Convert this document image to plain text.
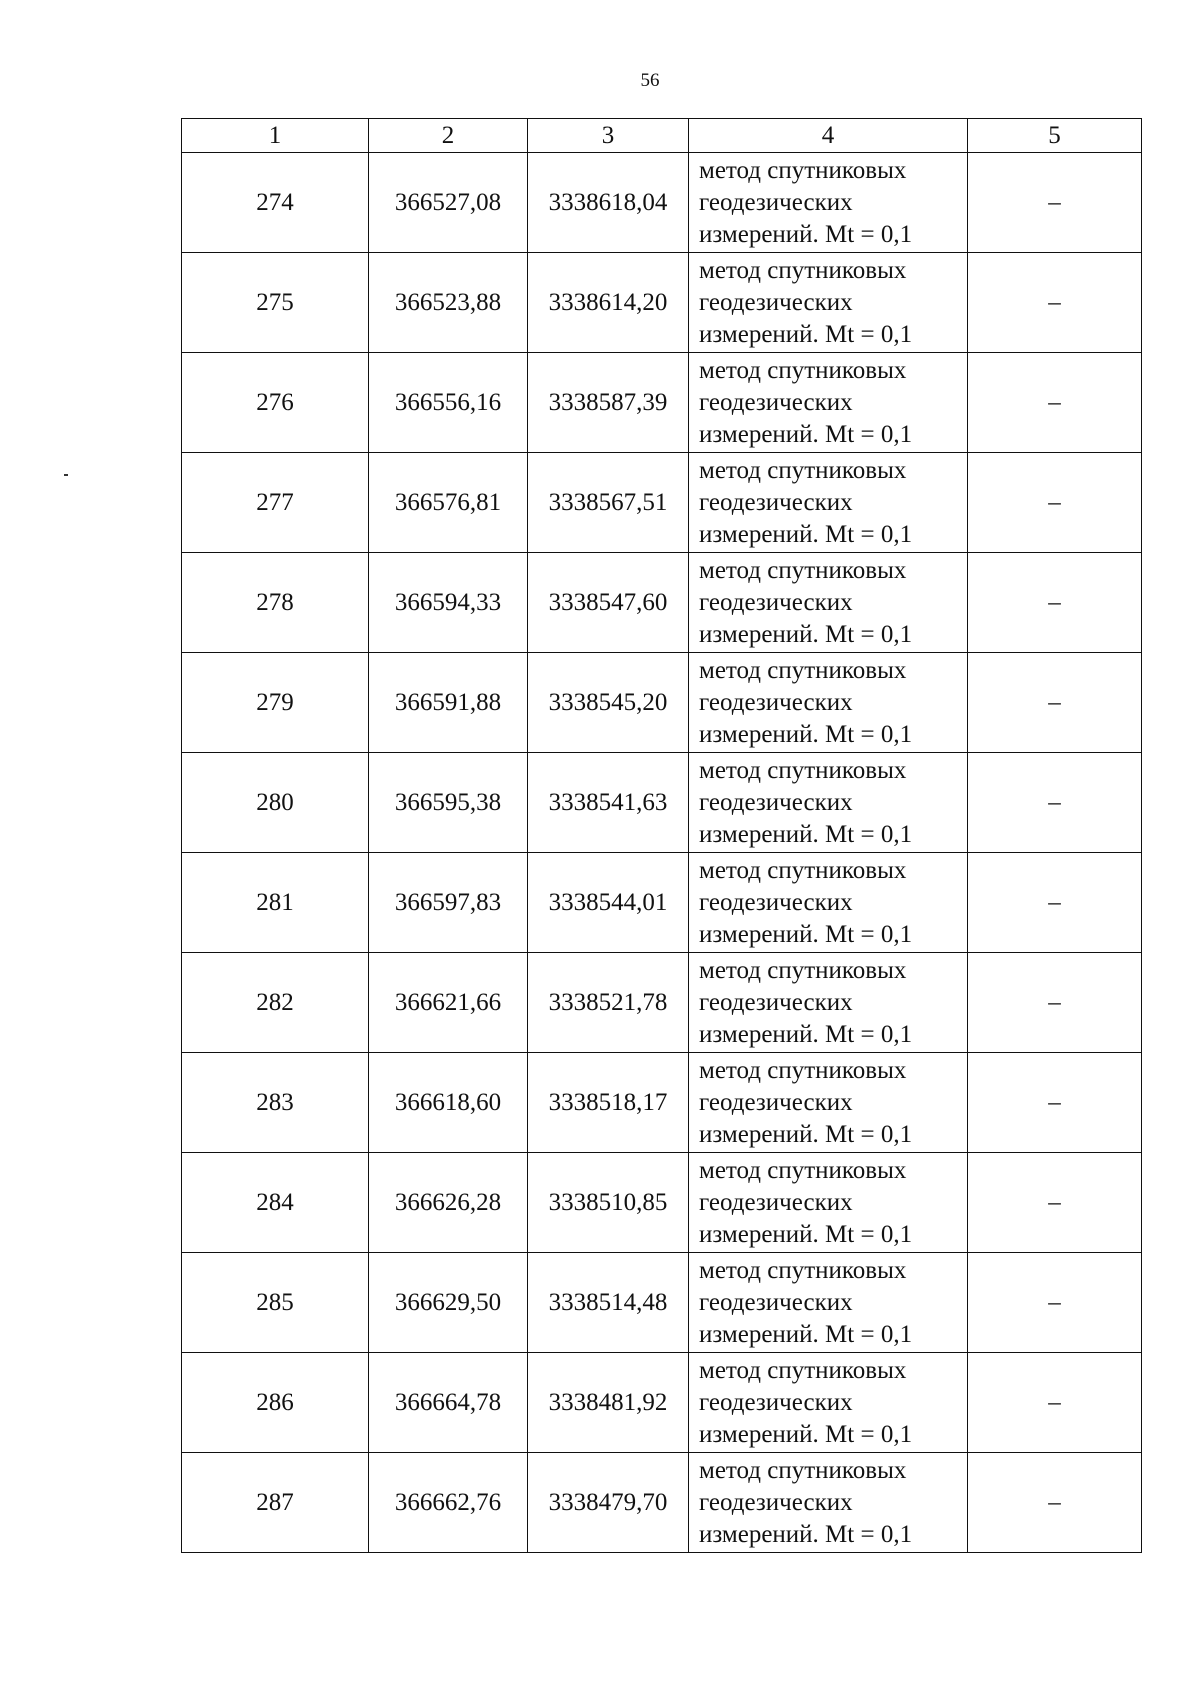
56
1	2	3	4	5
274	366527,08	3338618,04	метод спутниковых
геодезических
измерений. Mt = 0,1	–
275	366523,88	3338614,20	метод спутниковых
геодезических
измерений. Mt = 0,1	–
276	366556,16	3338587,39	метод спутниковых
геодезических
измерений. Mt = 0,1	–
277	366576,81	3338567,51	метод спутниковых
геодезических
измерений. Mt = 0,1	–
278	366594,33	3338547,60	метод спутниковых
геодезических
измерений. Mt = 0,1	–
279	366591,88	3338545,20	метод спутниковых
геодезических
измерений. Mt = 0,1	–
280	366595,38	3338541,63	метод спутниковых
геодезических
измерений. Mt = 0,1	–
281	366597,83	3338544,01	метод спутниковых
геодезических
измерений. Mt = 0,1	–
282	366621,66	3338521,78	метод спутниковых
геодезических
измерений. Mt = 0,1	–
283	366618,60	3338518,17	метод спутниковых
геодезических
измерений. Mt = 0,1	–
284	366626,28	3338510,85	метод спутниковых
геодезических
измерений. Mt = 0,1	–
285	366629,50	3338514,48	метод спутниковых
геодезических
измерений. Mt = 0,1	–
286	366664,78	3338481,92	метод спутниковых
геодезических
измерений. Mt = 0,1	–
287	366662,76	3338479,70	метод спутниковых
геодезических
измерений. Mt = 0,1	–
